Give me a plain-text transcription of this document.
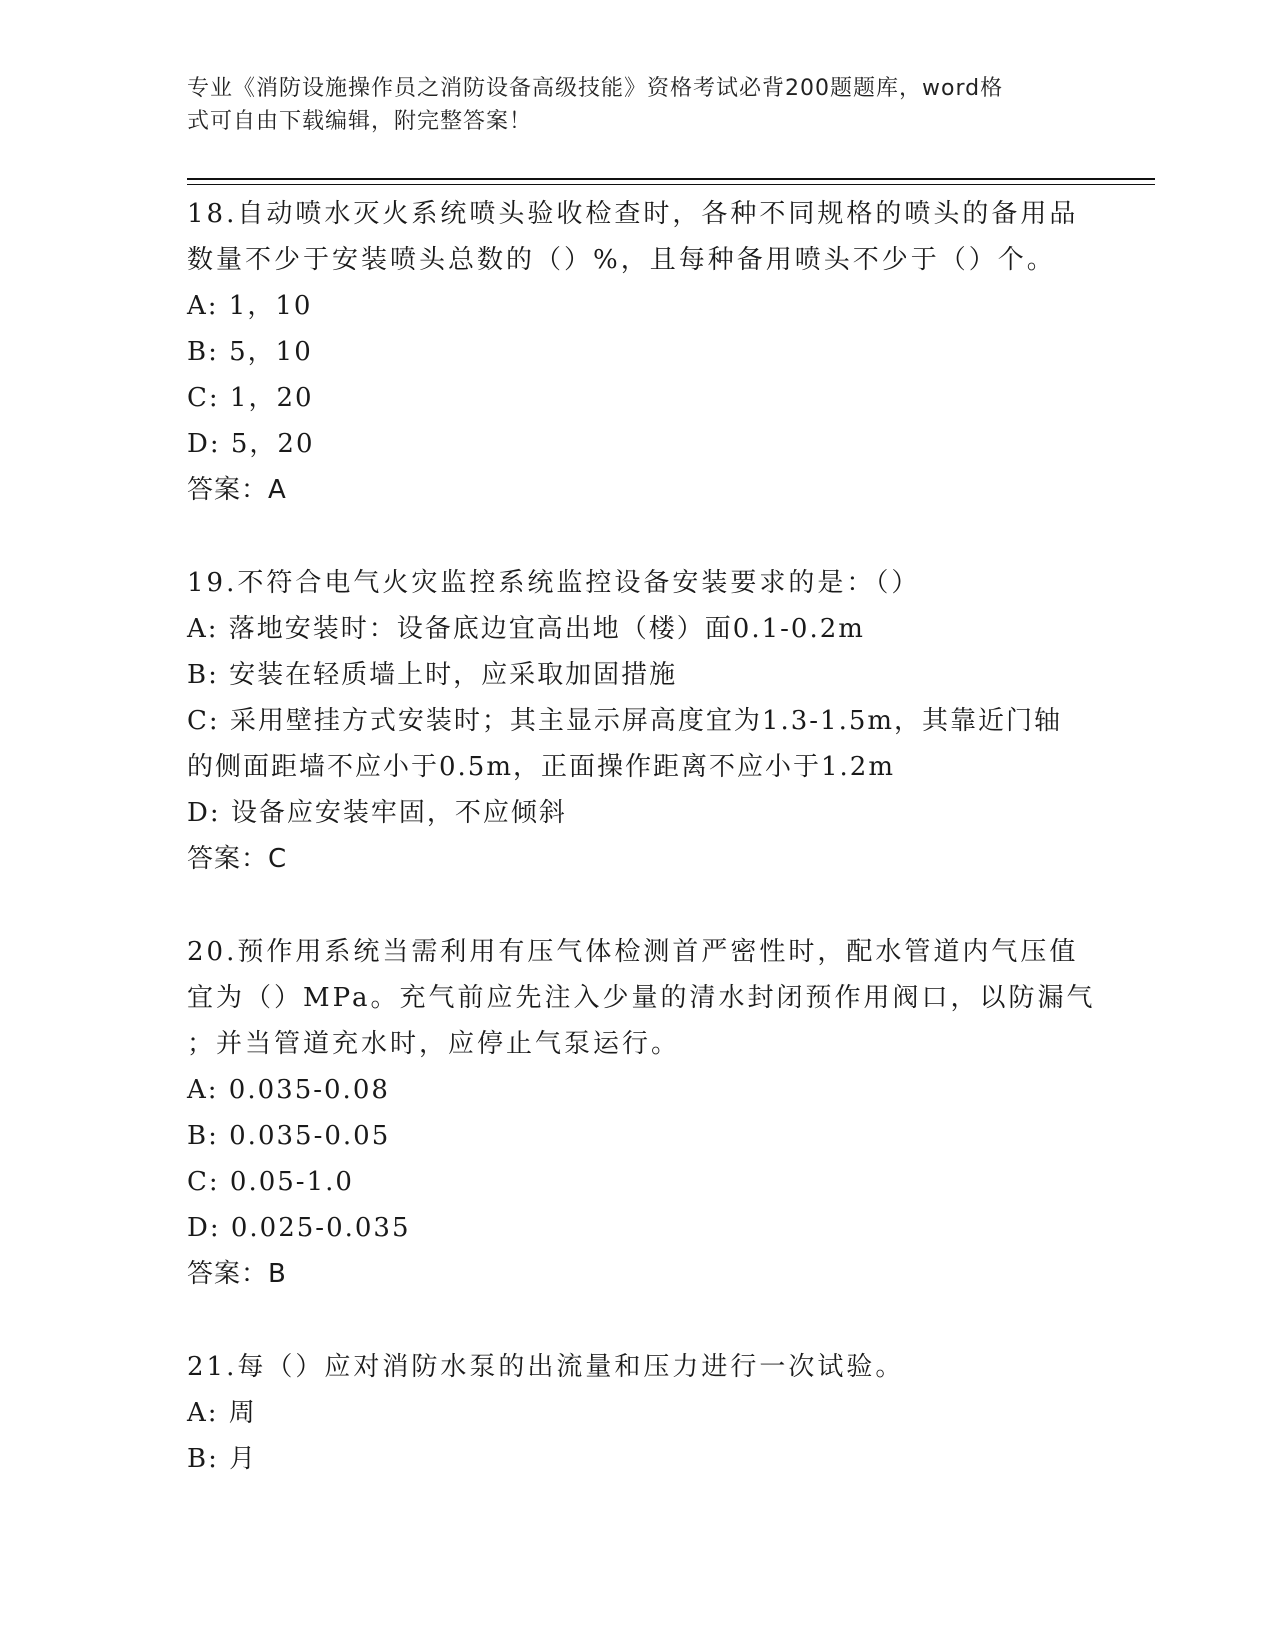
专业《消防设施操作员之消防设备高级技能》资格考试必背200题题库，word格
式可自由下载编辑，附完整答案！
18.自动喷水灭火系统喷头验收检查时，各种不同规格的喷头的备用品
数量不少于安装喷头总数的（）%，且每种备用喷头不少于（）个。
A: 1，10
B: 5，10
C: 1，20
D: 5，20
答案：A
19.不符合电气火灾监控系统监控设备安装要求的是：（）
A: 落地安装时：设备底边宜高出地（楼）面0.1-0.2m
B: 安装在轻质墙上时，应采取加固措施
C: 采用壁挂方式安装时；其主显示屏高度宜为1.3-1.5m，其靠近门轴
的侧面距墙不应小于0.5m，正面操作距离不应小于1.2m
D: 设备应安装牢固，不应倾斜
答案：C
20.预作用系统当需利用有压气体检测首严密性时，配水管道内气压值
宜为（）MPa。充气前应先注入少量的清水封闭预作用阀口，以防漏气
；并当管道充水时，应停止气泵运行。
A: 0.035-0.08
B: 0.035-0.05
C: 0.05-1.0
D: 0.025-0.035
答案：B
21.每（）应对消防水泵的出流量和压力进行一次试验。
A: 周
B: 月
